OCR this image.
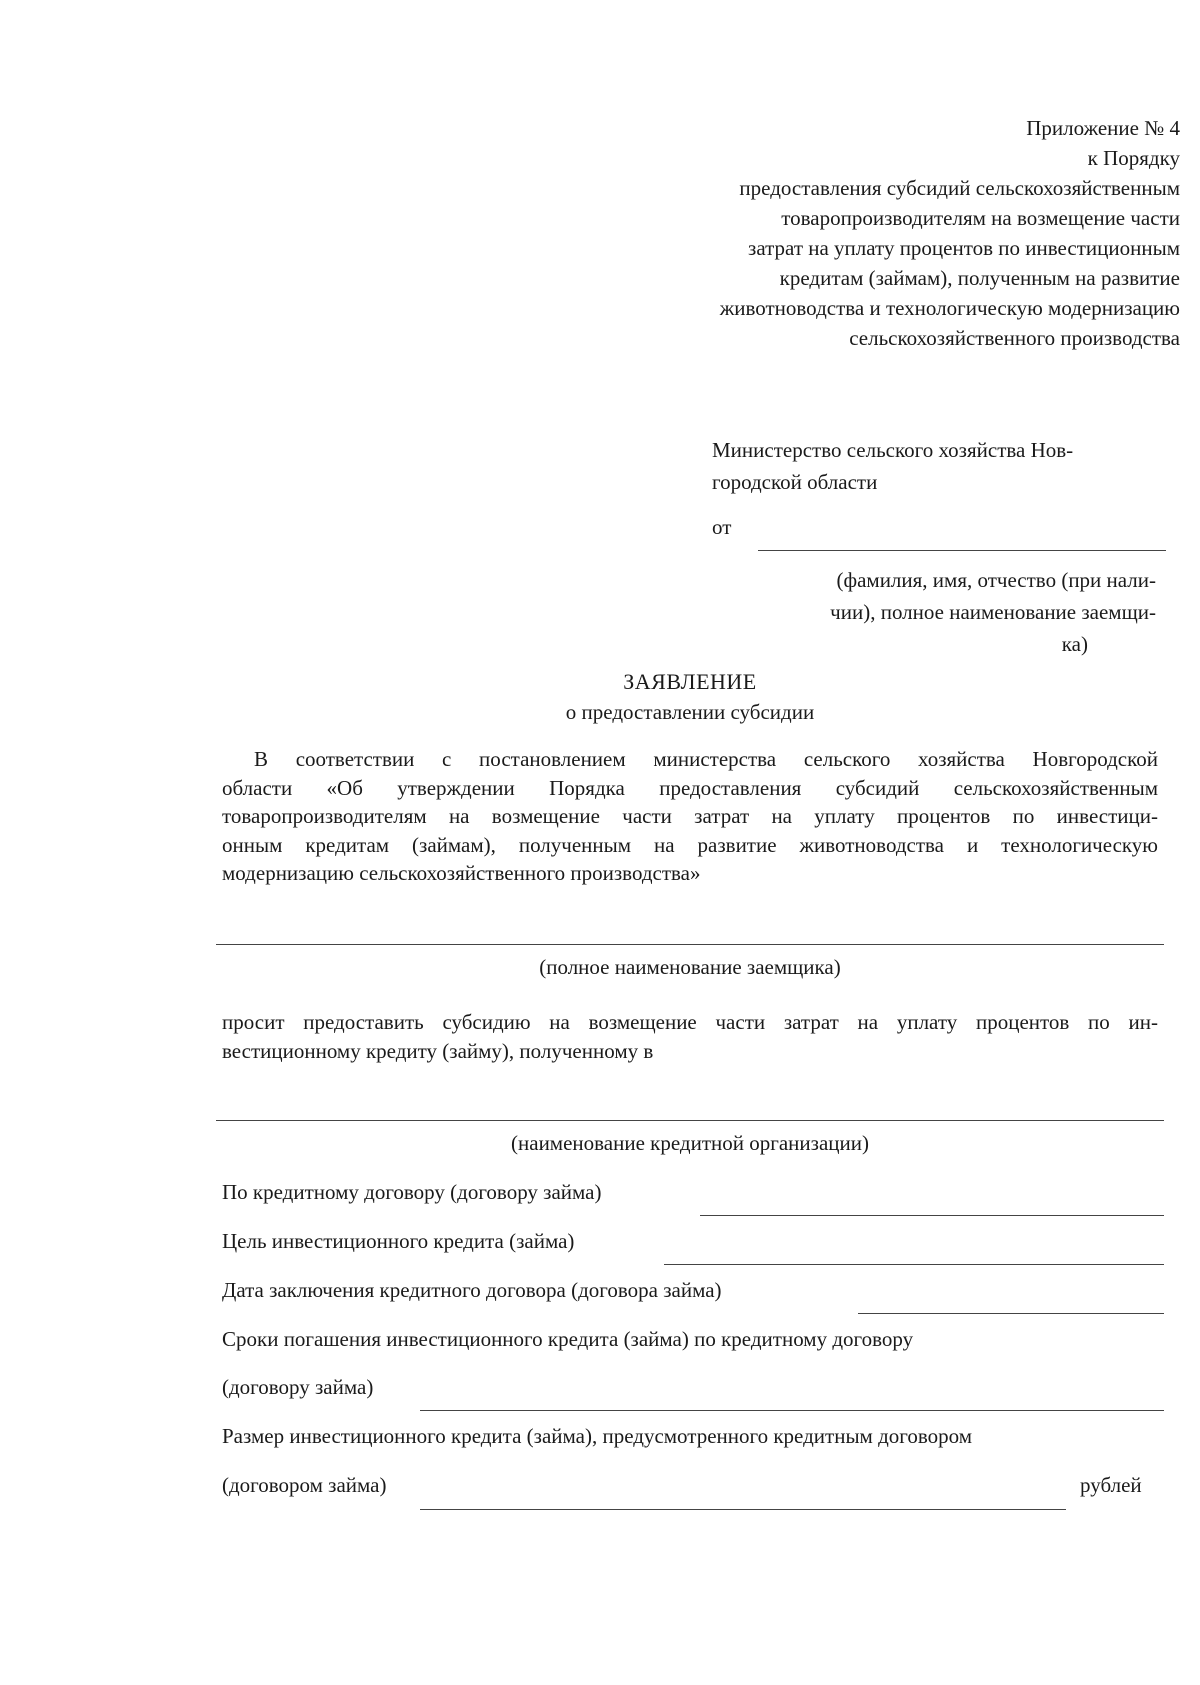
Приложение № 4
к Порядку
предоставления субсидий сельскохозяйственным
товаропроизводителям на возмещение части
затрат на уплату процентов по инвестиционным
кредитам (займам), полученным на развитие
животноводства и технологическую модернизацию
сельскохозяйственного производства
Министерство сельского хозяйства Нов-
городской области
от
(фамилия, имя, отчество (при нали-
чии), полное наименование заемщи-
ка)
ЗАЯВЛЕНИЕ
о предоставлении субсидии
В соответствии с постановлением министерства сельского хозяйства Новгородской
области «Об утверждении Порядка предоставления субсидий сельскохозяйственным
товаропроизводителям на возмещение части затрат на уплату процентов по инвестици-
онным кредитам (займам), полученным на развитие животноводства и технологическую
модернизацию сельскохозяйственного производства»
(полное наименование заемщика)
просит предоставить субсидию на возмещение части затрат на уплату процентов по ин-
вестиционному кредиту (займу), полученному в
(наименование кредитной организации)
По кредитному договору (договору займа)
Цель инвестиционного кредита (займа)
Дата заключения кредитного договора (договора займа)
Сроки погашения инвестиционного кредита (займа) по кредитному договору
(договору займа)
Размер инвестиционного кредита (займа), предусмотренного кредитным договором
(договором займа)	рублей
